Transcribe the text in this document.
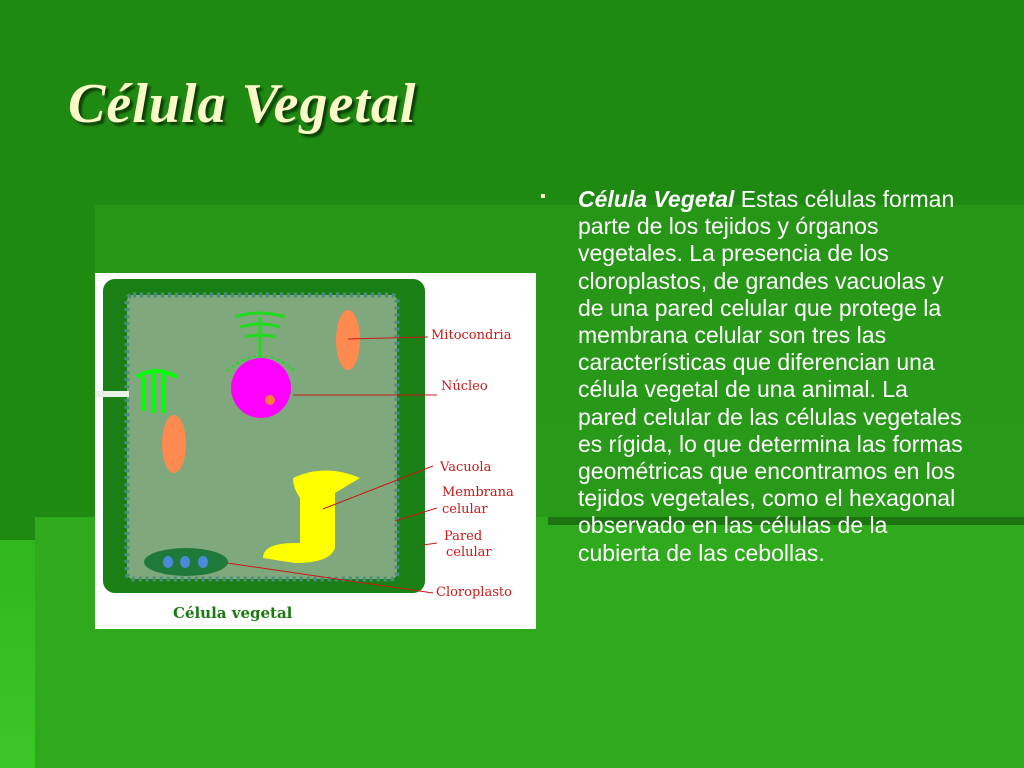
Célula Vegetal
Mitocondria
Núcleo
Vacuola
Membrana
celular
Pared
celular
Cloroplasto
Célula vegetal
▪ Célula Vegetal Estas células forman parte de los tejidos y órganos vegetales. La presencia de los cloroplastos, de grandes vacuolas y de una pared celular que protege la membrana celular son tres las características que diferencian una célula vegetal de una animal. La pared celular de las células vegetales es rígida, lo que determina las formas geométricas que encontramos en los tejidos vegetales, como el hexagonal observado en las células de la cubierta de las cebollas.
